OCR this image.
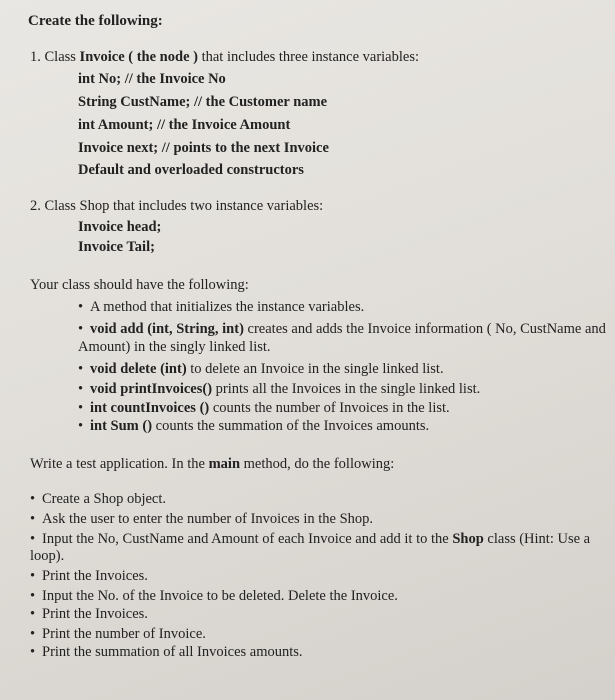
Create the following:
1. Class Invoice ( the node ) that includes three instance variables:
int No; // the Invoice No
String CustName; // the Customer name
int Amount; // the Invoice Amount
Invoice next; // points to the next Invoice
Default and overloaded constructors
2. Class Shop that includes two instance variables:
Invoice head;
Invoice Tail;
Your class should have the following:
• A method that initializes the instance variables.
• void add (int, String, int) creates and adds the Invoice information ( No, CustName and
Amount) in the singly linked list.
• void delete (int) to delete an Invoice in the single linked list.
• void printInvoices() prints all the Invoices in the single linked list.
• int countInvoices () counts the number of Invoices in the list.
• int Sum () counts the summation of the Invoices amounts.
Write a test application. In the main method, do the following:
• Create a Shop object.
• Ask the user to enter the number of Invoices in the Shop.
• Input the No, CustName and Amount of each Invoice and add it to the Shop class (Hint: Use a
loop).
• Print the Invoices.
• Input the No. of the Invoice to be deleted. Delete the Invoice.
• Print the Invoices.
• Print the number of Invoice.
• Print the summation of all Invoices amounts.
